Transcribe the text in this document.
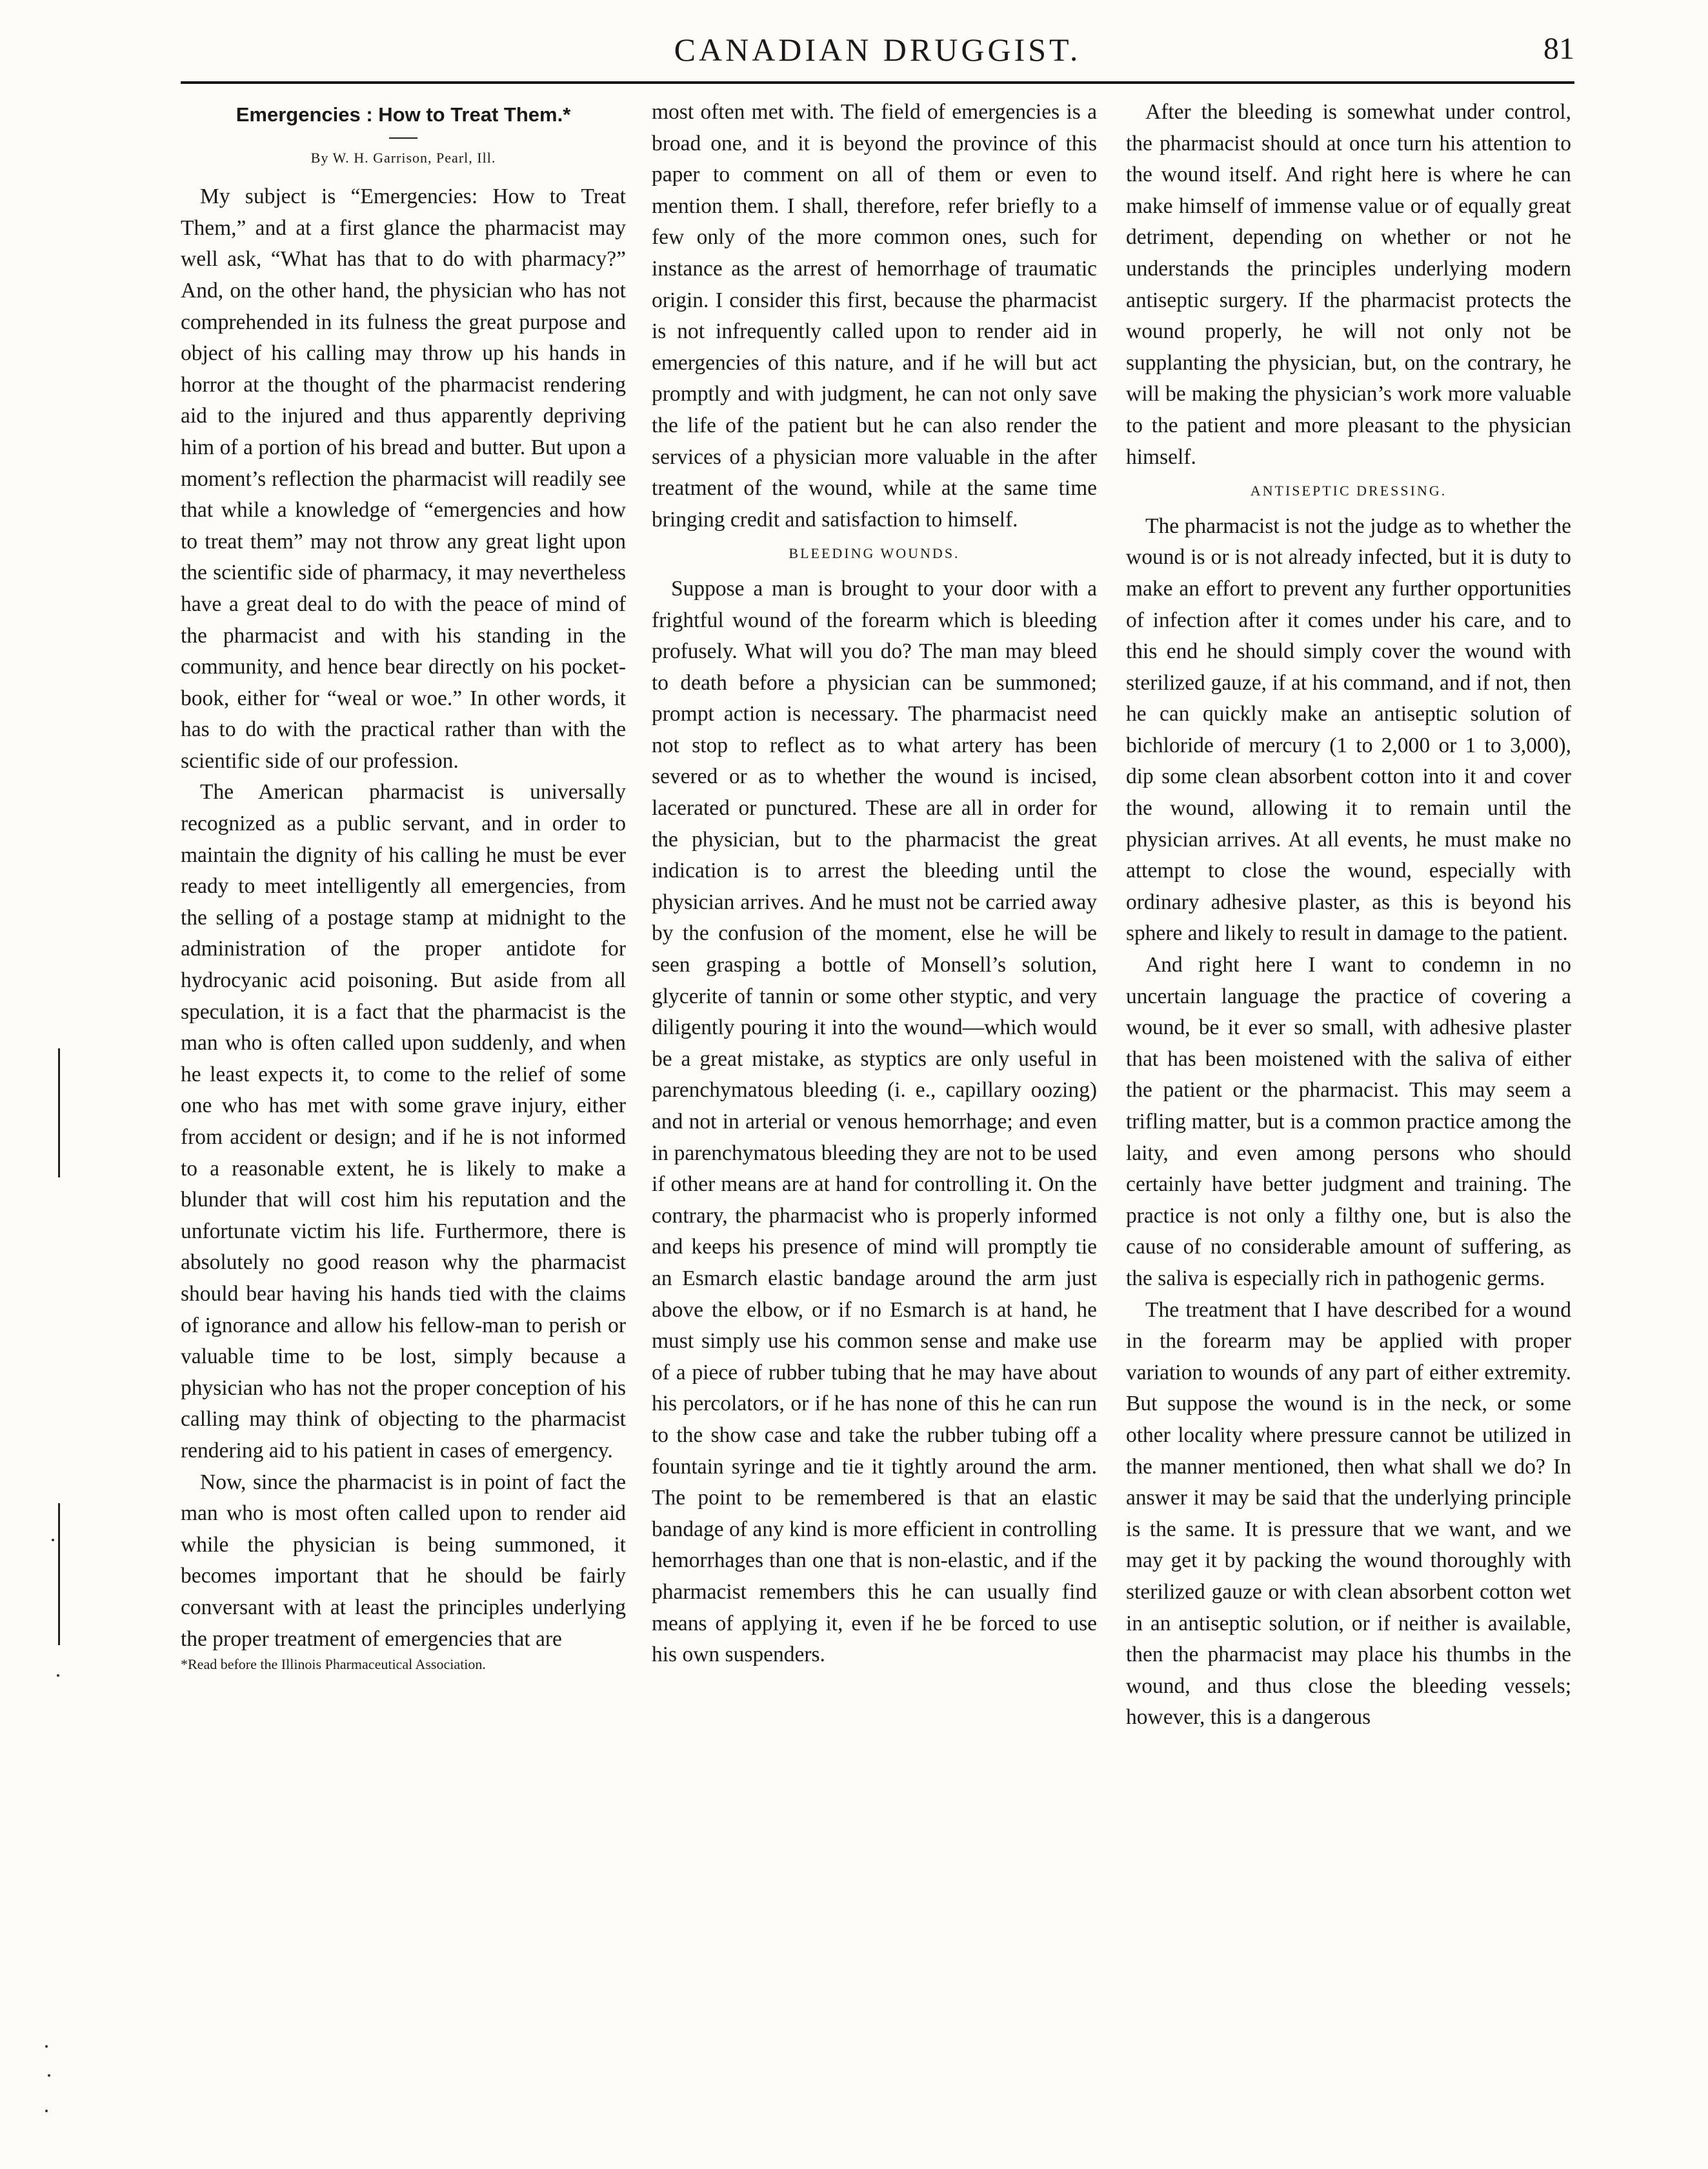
CANADIAN DRUGGIST.	81
Emergencies : How to Treat Them.*
By W. H. Garrison, Pearl, Ill.

My subject is “Emergencies: How to Treat Them,” and at a first glance the pharmacist may well ask, “What has that to do with pharmacy?” And, on the other hand, the physician who has not comprehended in its fulness the great purpose and object of his calling may throw up his hands in horror at the thought of the pharmacist rendering aid to the injured and thus apparently depriving him of a portion of his bread and butter. But upon a moment’s reflection the pharmacist will readily see that while a knowledge of “emergencies and how to treat them” may not throw any great light upon the scientific side of pharmacy, it may nevertheless have a great deal to do with the peace of mind of the pharmacist and with his standing in the community, and hence bear directly on his pocket-book, either for “weal or woe.” In other words, it has to do with the practical rather than with the scientific side of our profession.

The American pharmacist is universally recognized as a public servant, and in order to maintain the dignity of his calling he must be ever ready to meet intelligently all emergencies, from the selling of a postage stamp at midnight to the administration of the proper antidote for hydrocyanic acid poisoning. But aside from all speculation, it is a fact that the pharmacist is the man who is often called upon suddenly, and when he least expects it, to come to the relief of some one who has met with some grave injury, either from accident or design; and if he is not informed to a reasonable extent, he is likely to make a blunder that will cost him his reputation and the unfortunate victim his life. Furthermore, there is absolutely no good reason why the pharmacist should bear having his hands tied with the claims of ignorance and allow his fellow-man to perish or valuable time to be lost, simply because a physician who has not the proper conception of his calling may think of objecting to the pharmacist rendering aid to his patient in cases of emergency.

Now, since the pharmacist is in point of fact the man who is most often called upon to render aid while the physician is being summoned, it becomes important that he should be fairly conversant with at least the principles underlying the proper treatment of emergencies that are

*Read before the Illinois Pharmaceutical Association.

most often met with. The field of emergencies is a broad one, and it is beyond the province of this paper to comment on all of them or even to mention them. I shall, therefore, refer briefly to a few only of the more common ones, such for instance as the arrest of hemorrhage of traumatic origin. I consider this first, because the pharmacist is not infrequently called upon to render aid in emergencies of this nature, and if he will but act promptly and with judgment, he can not only save the life of the patient but he can also render the services of a physician more valuable in the after treatment of the wound, while at the same time bringing credit and satisfaction to himself.

BLEEDING WOUNDS.

Suppose a man is brought to your door with a frightful wound of the forearm which is bleeding profusely. What will you do? The man may bleed to death before a physician can be summoned; prompt action is necessary. The pharmacist need not stop to reflect as to what artery has been severed or as to whether the wound is incised, lacerated or punctured. These are all in order for the physician, but to the pharmacist the great indication is to arrest the bleeding until the physician arrives. And he must not be carried away by the confusion of the moment, else he will be seen grasping a bottle of Monsell’s solution, glycerite of tannin or some other styptic, and very diligently pouring it into the wound—which would be a great mistake, as styptics are only useful in parenchymatous bleeding (i. e., capillary oozing) and not in arterial or venous hemorrhage; and even in parenchymatous bleeding they are not to be used if other means are at hand for controlling it. On the contrary, the pharmacist who is properly informed and keeps his presence of mind will promptly tie an Esmarch elastic bandage around the arm just above the elbow, or if no Esmarch is at hand, he must simply use his common sense and make use of a piece of rubber tubing that he may have about his percolators, or if he has none of this he can run to the show case and take the rubber tubing off a fountain syringe and tie it tightly around the arm. The point to be remembered is that an elastic bandage of any kind is more efficient in controlling hemorrhages than one that is non-elastic, and if the pharmacist remembers this he can usually find means of applying it, even if he be forced to use his own suspenders.

After the bleeding is somewhat under control, the pharmacist should at once turn his attention to the wound itself. And right here is where he can make himself of immense value or of equally great detriment, depending on whether or not he understands the principles underlying modern antiseptic surgery. If the pharmacist protects the wound properly, he will not only not be supplanting the physician, but, on the contrary, he will be making the physician’s work more valuable to the patient and more pleasant to the physician himself.

ANTISEPTIC DRESSING.

The pharmacist is not the judge as to whether the wound is or is not already infected, but it is duty to make an effort to prevent any further opportunities of infection after it comes under his care, and to this end he should simply cover the wound with sterilized gauze, if at his command, and if not, then he can quickly make an antiseptic solution of bichloride of mercury (1 to 2,000 or 1 to 3,000), dip some clean absorbent cotton into it and cover the wound, allowing it to remain until the physician arrives. At all events, he must make no attempt to close the wound, especially with ordinary adhesive plaster, as this is beyond his sphere and likely to result in damage to the patient.

And right here I want to condemn in no uncertain language the practice of covering a wound, be it ever so small, with adhesive plaster that has been moistened with the saliva of either the patient or the pharmacist. This may seem a trifling matter, but is a common practice among the laity, and even among persons who should certainly have better judgment and training. The practice is not only a filthy one, but is also the cause of no considerable amount of suffering, as the saliva is especially rich in pathogenic germs.

The treatment that I have described for a wound in the forearm may be applied with proper variation to wounds of any part of either extremity. But suppose the wound is in the neck, or some other locality where pressure cannot be utilized in the manner mentioned, then what shall we do? In answer it may be said that the underlying principle is the same. It is pressure that we want, and we may get it by packing the wound thoroughly with sterilized gauze or with clean absorbent cotton wet in an antiseptic solution, or if neither is available, then the pharmacist may place his thumbs in the wound, and thus close the bleeding vessels; however, this is a dangerous
